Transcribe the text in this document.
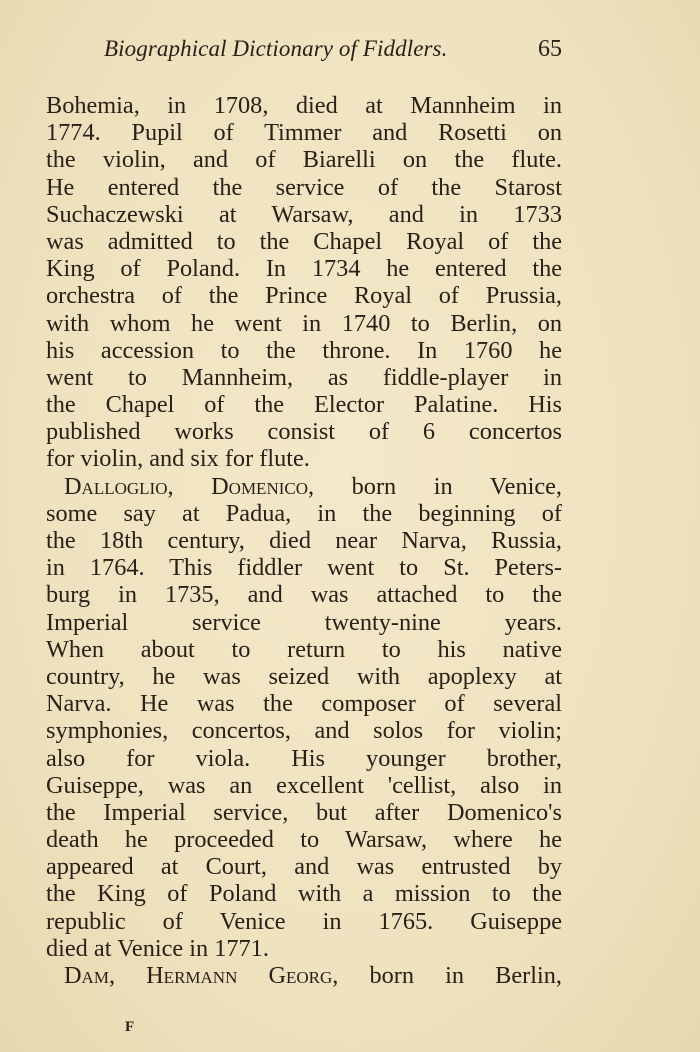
Biographical Dictionary of Fiddlers.	65
Bohemia, in 1708, died at Mannheim in
1774. Pupil of Timmer and Rosetti on
the violin, and of Biarelli on the flute.
He entered the service of the Starost
Suchaczewski at Warsaw, and in 1733
was admitted to the Chapel Royal of the
King of Poland. In 1734 he entered the
orchestra of the Prince Royal of Prussia,
with whom he went in 1740 to Berlin, on
his accession to the throne. In 1760 he
went to Mannheim, as fiddle-player in
the Chapel of the Elector Palatine. His
published works consist of 6 concertos
for violin, and six for flute.
Dalloglio, Domenico, born in Venice,
some say at Padua, in the beginning of
the 18th century, died near Narva, Russia,
in 1764. This fiddler went to St. Peters-
burg in 1735, and was attached to the
Imperial service twenty-nine years.
When about to return to his native
country, he was seized with apoplexy at
Narva. He was the composer of several
symphonies, concertos, and solos for violin;
also for viola. His younger brother,
Guiseppe, was an excellent 'cellist, also in
the Imperial service, but after Domenico's
death he proceeded to Warsaw, where he
appeared at Court, and was entrusted by
the King of Poland with a mission to the
republic of Venice in 1765. Guiseppe
died at Venice in 1771.
Dam, Hermann Georg, born in Berlin,
F
